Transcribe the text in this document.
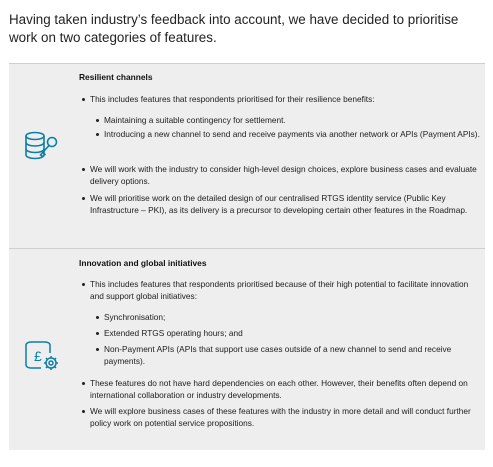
Having taken industry’s feedback into account, we have decided to prioritise work on two categories of features.
Resilient channels
This includes features that respondents prioritised for their resilience benefits:
Maintaining a suitable contingency for settlement.
Introducing a new channel to send and receive payments via another network or APIs (Payment APIs).
We will work with the industry to consider high-level design choices, explore business cases and evaluate delivery options.
We will prioritise work on the detailed design of our centralised RTGS identity service (Public Key Infrastructure – PKI), as its delivery is a precursor to developing certain other features in the Roadmap.
Innovation and global initiatives
£
This includes features that respondents prioritised because of their high potential to facilitate innovation and support global initiatives:
Synchronisation;
Extended RTGS operating hours; and
Non-Payment APIs (APIs that support use cases outside of a new channel to send and receive payments).
These features do not have hard dependencies on each other. However, their benefits often depend on international collaboration or industry developments.
We will explore business cases of these features with the industry in more detail and will conduct further policy work on potential service propositions.
